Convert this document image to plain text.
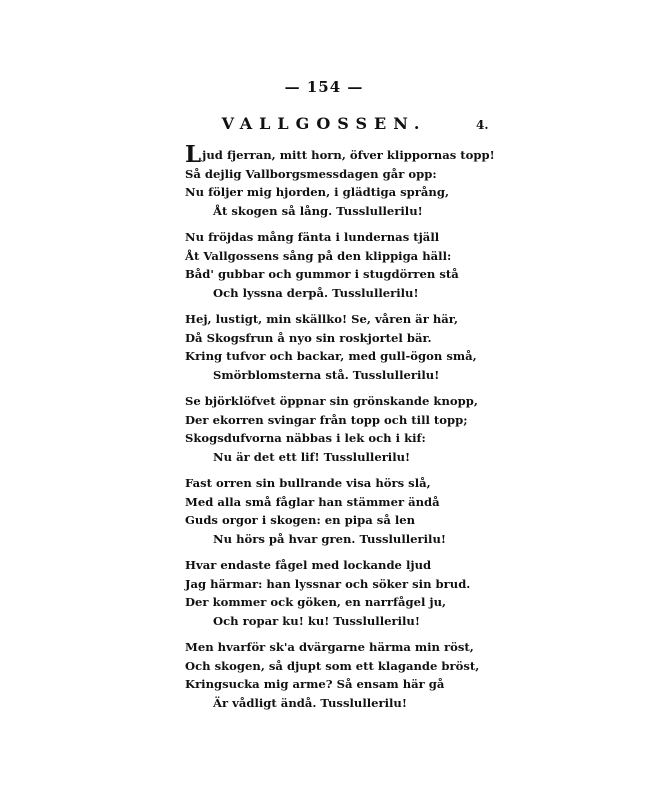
— 154 —
VALLGOSSEN.	4.
Ljud fjerran, mitt horn, öfver klippornas topp!
Så dejlig Vallborgsmessdagen går opp:
Nu följer mig hjorden, i glädtiga språng,
Åt skogen så lång. Tusslullerilu!
Nu fröjdas mång fänta i lundernas tjäll
Åt Vallgossens sång på den klippiga häll:
Båd' gubbar och gummor i stugdörren stå
Och lyssna derpå. Tusslullerilu!
Hej, lustigt, min skällko! Se, våren är här,
Då Skogsfrun å nyo sin roskjortel bär.
Kring tufvor och backar, med gull-ögon små,
Smörblomsterna stå. Tusslullerilu!
Se björklöfvet öppnar sin grönskande knopp,
Der ekorren svingar från topp och till topp;
Skogsdufvorna näbbas i lek och i kif:
Nu är det ett lif! Tusslullerilu!
Fast orren sin bullrande visa hörs slå,
Med alla små fåglar han stämmer ändå
Guds orgor i skogen: en pipa så len
Nu hörs på hvar gren. Tusslullerilu!
Hvar endaste fågel med lockande ljud
Jag härmar: han lyssnar och söker sin brud.
Der kommer ock göken, en narrfågel ju,
Och ropar ku! ku! Tusslullerilu!
Men hvarför sk'a dvärgarne härma min röst,
Och skogen, så djupt som ett klagande bröst,
Kringsucka mig arme? Så ensam här gå
Är vådligt ändå. Tusslullerilu!
